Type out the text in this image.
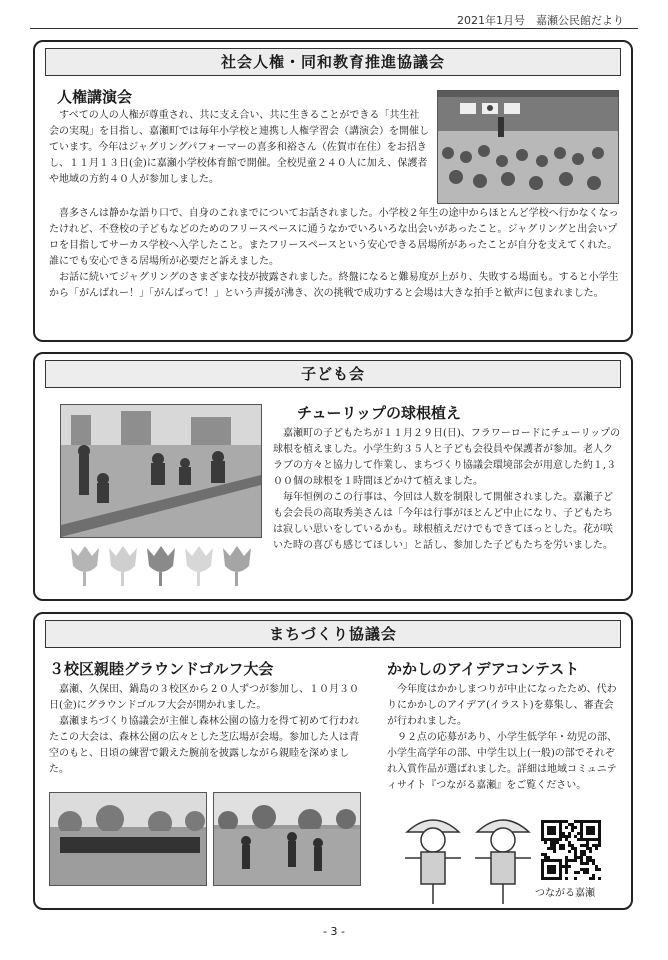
2021年1月号　嘉瀬公民館だより
社会人権・同和教育推進協議会
人権講演会

すべての人の人権が尊重され、共に支え合い、共に生きることができる「共生社会の実現」を目指し、嘉瀬町では毎年小学校と連携し人権学習会（講演会）を開催しています。今年はジャグリングパフォーマーの喜多和裕さん（佐賀市在住）をお招きし、１１月１３日(金)に嘉瀬小学校体育館で開催。全校児童２４０人に加え、保護者や地域の方約４０人が参加しました。

喜多さんは静かな語り口で、自身のこれまでについてお話されました。小学校２年生の途中からほとんど学校へ行かなくなったけれど、不登校の子どもなどのためのフリースペースに通うなかでいろいろな出会いがあったこと。ジャグリングと出会いプロを目指してサーカス学校へ入学したこと。またフリースペースという安心できる居場所があったことが自分を支えてくれた。誰にでも安心できる居場所が必要だと訴えました。

お話に続いてジャグリングのさまざまな技が披露されました。終盤になると難易度が上がり、失敗する場面も。すると小学生から「がんばれー！」「がんばって！」という声援が沸き、次の挑戦で成功すると会場は大きな拍手と歓声に包まれました。

子ども会
チューリップの球根植え

嘉瀬町の子どもたちが１１月２９日(日)、フラワーロードにチューリップの球根を植えました。小学生約３５人と子ども会役員や保護者が参加。老人クラブの方々と協力して作業し、まちづくり協議会環境部会が用意した約１,３００個の球根を１時間ほどかけて植えました。

毎年恒例のこの行事は、今回は人数を制限して開催されました。嘉瀬子ども会会長の高取秀美さんは「今年は行事がほとんど中止になり、子どもたちは寂しい思いをしているかも。球根植えだけでもできてほっとした。花が咲いた時の喜びも感じてほしい」と話し、参加した子どもたちを労いました。

まちづくり協議会
３校区親睦グラウンドゴルフ大会

嘉瀬、久保田、鍋島の３校区から２０人ずつが参加し、１０月３０日(金)にグラウンドゴルフ大会が開かれました。

嘉瀬まちづくり協議会が主催し森林公園の協力を得て初めて行われたこの大会は、森林公園の広々とした芝広場が会場。参加した人は青空のもと、日頃の練習で鍛えた腕前を披露しながら親睦を深めました。

かかしのアイデアコンテスト

今年度はかかしまつりが中止になったため、代わりにかかしのアイデア(イラスト)を募集し、審査会が行われました。

９２点の応募があり、小学生低学年・幼児の部、小学生高学年の部、中学生以上(一般)の部でそれぞれ入賞作品が選ばれました。詳細は地域コミュニティサイト『つながる嘉瀬』をご覧ください。

つながる嘉瀬
- 3 -
